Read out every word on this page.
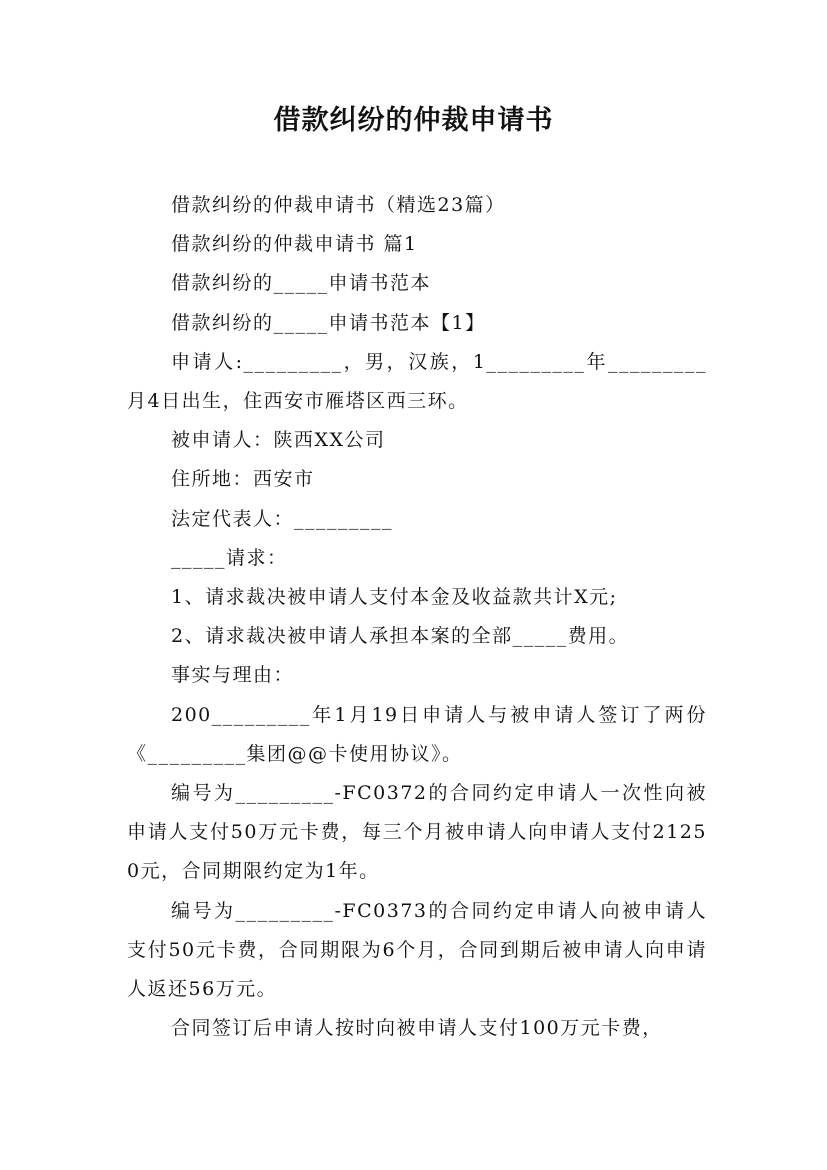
借款纠纷的仲裁申请书

借款纠纷的仲裁申请书（精选23篇）

借款纠纷的仲裁申请书 篇1

借款纠纷的_____申请书范本

借款纠纷的_____申请书范本【1】

申请人:_________，男，汉族，1_________年_________月4日出生，住西安市雁塔区西三环。

被申请人：陕西XX公司

住所地：西安市

法定代表人：_________

_____请求：

1、请求裁决被申请人支付本金及收益款共计X元;

2、请求裁决被申请人承担本案的全部_____费用。

事实与理由：

200_________年1月19日申请人与被申请人签订了两份《_________集团@@卡使用协议》。

编号为_________-FC0372的合同约定申请人一次性向被申请人支付50万元卡费，每三个月被申请人向申请人支付21250元，合同期限约定为1年。

编号为_________-FC0373的合同约定申请人向被申请人支付50元卡费，合同期限为6个月，合同到期后被申请人向申请人返还56万元。

合同签订后申请人按时向被申请人支付100万元卡费，
